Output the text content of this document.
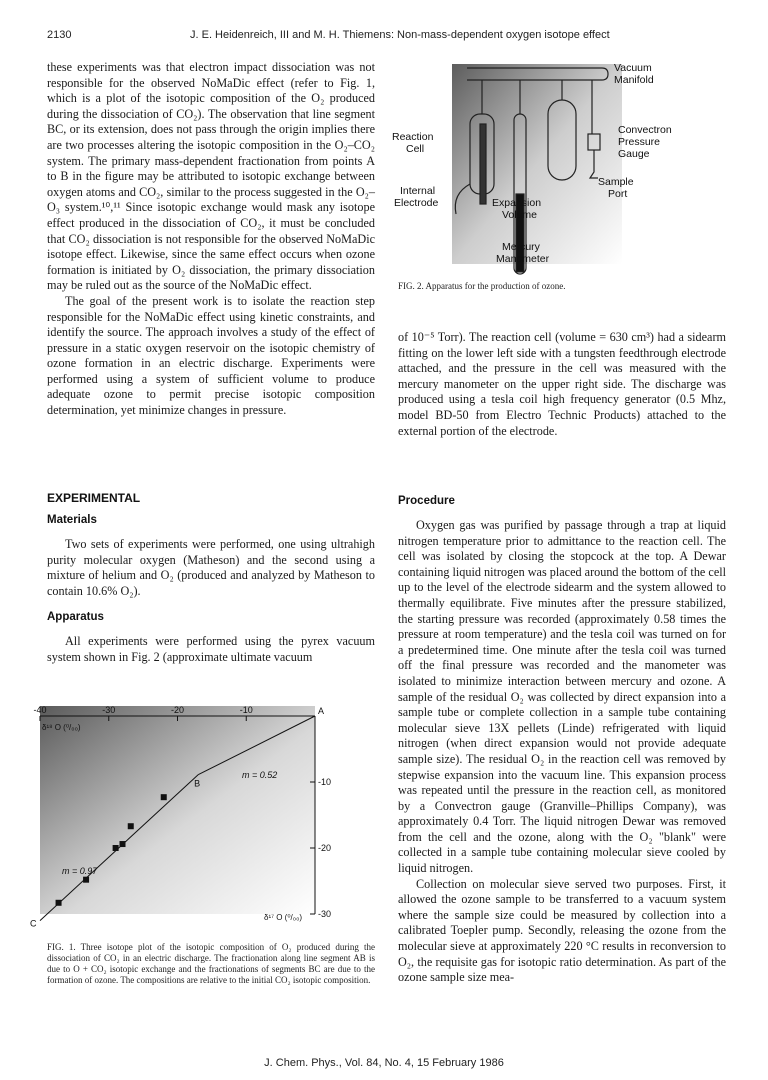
2130	J. E. Heidenreich, III and M. H. Thiemens: Non-mass-dependent oxygen isotope effect

these experiments was that electron impact dissociation was not responsible for the observed NoMaDic effect (refer to Fig. 1, which is a plot of the isotopic composition of the O₂ produced during the dissociation of CO₂). The observation that line segment BC, or its extension, does not pass through the origin implies there are two processes altering the isotopic composition in the O₂–CO₂ system. The primary mass-dependent fractionation from points A to B in the figure may be attributed to isotopic exchange between oxygen atoms and CO₂, similar to the process suggested in the O₂–O₃ system.¹⁰,¹¹ Since isotopic exchange would mask any isotope effect produced in the dissociation of CO₂, it must be concluded that CO₂ dissociation is not responsible for the observed NoMaDic isotope effect. Likewise, since the same effect occurs when ozone formation is initiated by O₂ dissociation, the primary dissociation may be ruled out as the source of the NoMaDic effect.

The goal of the present work is to isolate the reaction step responsible for the NoMaDic effect using kinetic constraints, and identify the source. The approach involves a study of the effect of pressure in a static oxygen reservoir on the isotopic chemistry of ozone formation in an electric discharge. Experiments were performed using a system of sufficient volume to produce adequate ozone to permit precise isotopic composition determination, yet minimize changes in pressure.

EXPERIMENTAL
Materials

Two sets of experiments were performed, one using ultrahigh purity molecular oxygen (Matheson) and the second using a mixture of helium and O₂ (produced and analyzed by Matheson to contain 10.6% O₂).

Apparatus

All experiments were performed using the pyrex vacuum system shown in Fig. 2 (approximate ultimate vacuum

-40	-30	-20	-10
-10
-20
-30
A
B
C
δ¹⁸ O (⁰/₀₀)
δ¹⁷ O (⁰/₀₀)
m = 0.52
m = 0.97
FIG. 1. Three isotope plot of the isotopic composition of O₂ produced during the dissociation of CO₂ in an electric discharge. The fractionation along line segment AB is due to O + CO₂ isotopic exchange and the fractionations of segments BC are due to the formation of ozone. The compositions are relative to the initial CO₂ isotopic composition.
Vacuum Manifold
Reaction Cell
Convectron Pressure Gauge
Sample Port
Internal Electrode	Expansion Volume
Mercury Manometer
FIG. 2. Apparatus for the production of ozone.

of 10⁻⁵ Torr). The reaction cell (volume = 630 cm³) had a sidearm fitting on the lower left side with a tungsten feedthrough electrode attached, and the pressure in the cell was measured with the mercury manometer on the upper right side. The discharge was produced using a tesla coil high frequency generator (0.5 Mhz, model BD-50 from Electro Technic Products) attached to the external portion of the electrode.

Procedure

Oxygen gas was purified by passage through a trap at liquid nitrogen temperature prior to admittance to the reaction cell. The cell was isolated by closing the stopcock at the top. A Dewar containing liquid nitrogen was placed around the bottom of the cell up to the level of the electrode sidearm and the system allowed to thermally equilibrate. Five minutes after the pressure stabilized, the starting pressure was recorded (approximately 0.58 times the pressure at room temperature) and the tesla coil was turned on for a predetermined time. One minute after the tesla coil was turned off the final pressure was recorded and the manometer was isolated to minimize interaction between mercury and ozone. A sample of the residual O₂ was collected by direct expansion into a sample tube or complete collection in a sample tube containing molecular sieve 13X pellets (Linde) refrigerated with liquid nitrogen (when direct expansion would not provide adequate sample size). The residual O₂ in the reaction cell was removed by stepwise expansion into the vacuum line. This expansion process was repeated until the pressure in the reaction cell, as monitored by a Convectron gauge (Granville–Phillips Company), was approximately 0.4 Torr. The liquid nitrogen Dewar was removed from the cell and the ozone, along with the O₂ "blank" were collected in a sample tube containing molecular sieve cooled by liquid nitrogen.

Collection on molecular sieve served two purposes. First, it allowed the ozone sample to be transferred to a vacuum system where the sample size could be measured by collection into a calibrated Toepler pump. Secondly, releasing the ozone from the molecular sieve at approximately 220 °C results in reconversion to O₂, the requisite gas for isotopic ratio determination. As part of the ozone sample size mea-

J. Chem. Phys., Vol. 84, No. 4, 15 February 1986
